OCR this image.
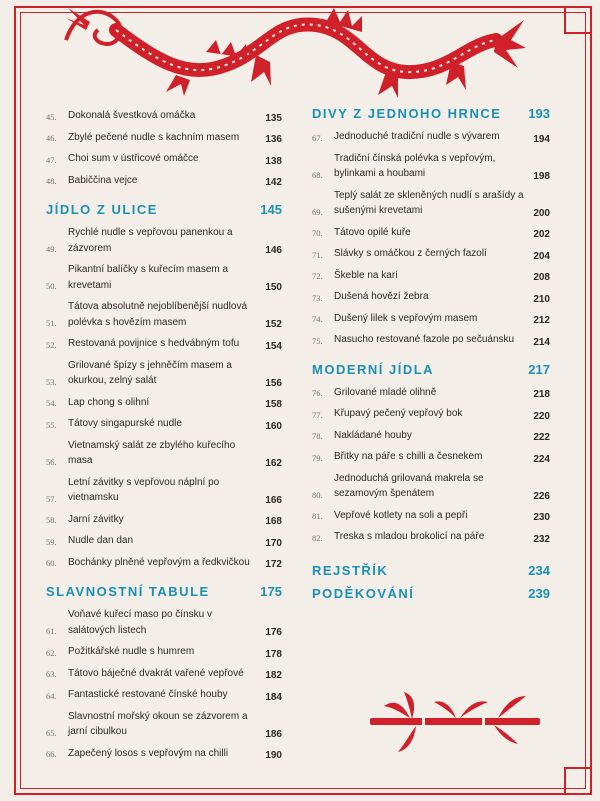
45.	Dokonalá švestková omáčka	135
46.	Zbylé pečené nudle s kachním masem	136
47.	Choi sum v ústřicové omáčce	138
48.	Babiččina vejce	142
JÍDLO Z ULICE	145
49.
Rychlé nudle s vepřovou panenkou a zázvorem	146
50.
Pikantní balíčky s kuřecím masem a krevetami	150
51.
Tátova absolutně nejoblíbenější nudlová polévka s hovězím masem	152
52.	Restovaná povijnice s hedvábným tofu	154
53.
Grilované špízy s jehněčím masem a okurkou, zelný salát	156
54.	Lap chong s olihní	158
55.	Tátovy singapurské nudle	160
56.
Vietnamský salát ze zbylého kuřecího masa	162
57.
Letní závitky s vepřovou náplní po vietnamsku	166
58.	Jarní závitky	168
59.	Nudle dan dan	170
60.	Bochánky plněné vepřovým a ředkvičkou	172
SLAVNOSTNÍ TABULE	175
61.
Voňavé kuřecí maso po čínsku v salátových listech	176
62.	Požitkářské nudle s humrem	178
63.	Tátovo báječné dvakrát vařené vepřové	182
64.	Fantastické restované čínské houby	184
65.
Slavnostní mořský okoun se zázvorem a jarní cibulkou	186
66.	Zapečený losos s vepřovým na chilli	190
DIVY Z JEDNOHO HRNCE 193
67.	Jednoduché tradiční nudle s vývarem	194
68.
Tradiční čínská polévka s vepřovým, bylinkami a houbami	198
69.
Teplý salát ze skleněných nudlí s arašídy a sušenými krevetami	200
70.	Tátovo opilé kuře	202
71.	Slávky s omáčkou z černých fazolí	204
72.	Škeble na karí	208
73.	Dušená hovězí žebra	210
74.	Dušený lilek s vepřovým masem	212
75.	Nasucho restované fazole po sečuánsku	214
MODERNÍ JÍDLA	217
76.	Grilované mladé olihně	218
77.	Křupavý pečený vepřový bok	220
78.	Nakládané houby	222
79.	Břitky na páře s chilli a česnekem	224
80.
Jednoduchá grilovaná makrela se sezamovým špenátem	226
81.	Vepřové kotlety na soli a pepři	230
82.	Treska s mladou brokolicí na páře	232
REJSTŘÍK	234
PODĚKOVÁNÍ	239
